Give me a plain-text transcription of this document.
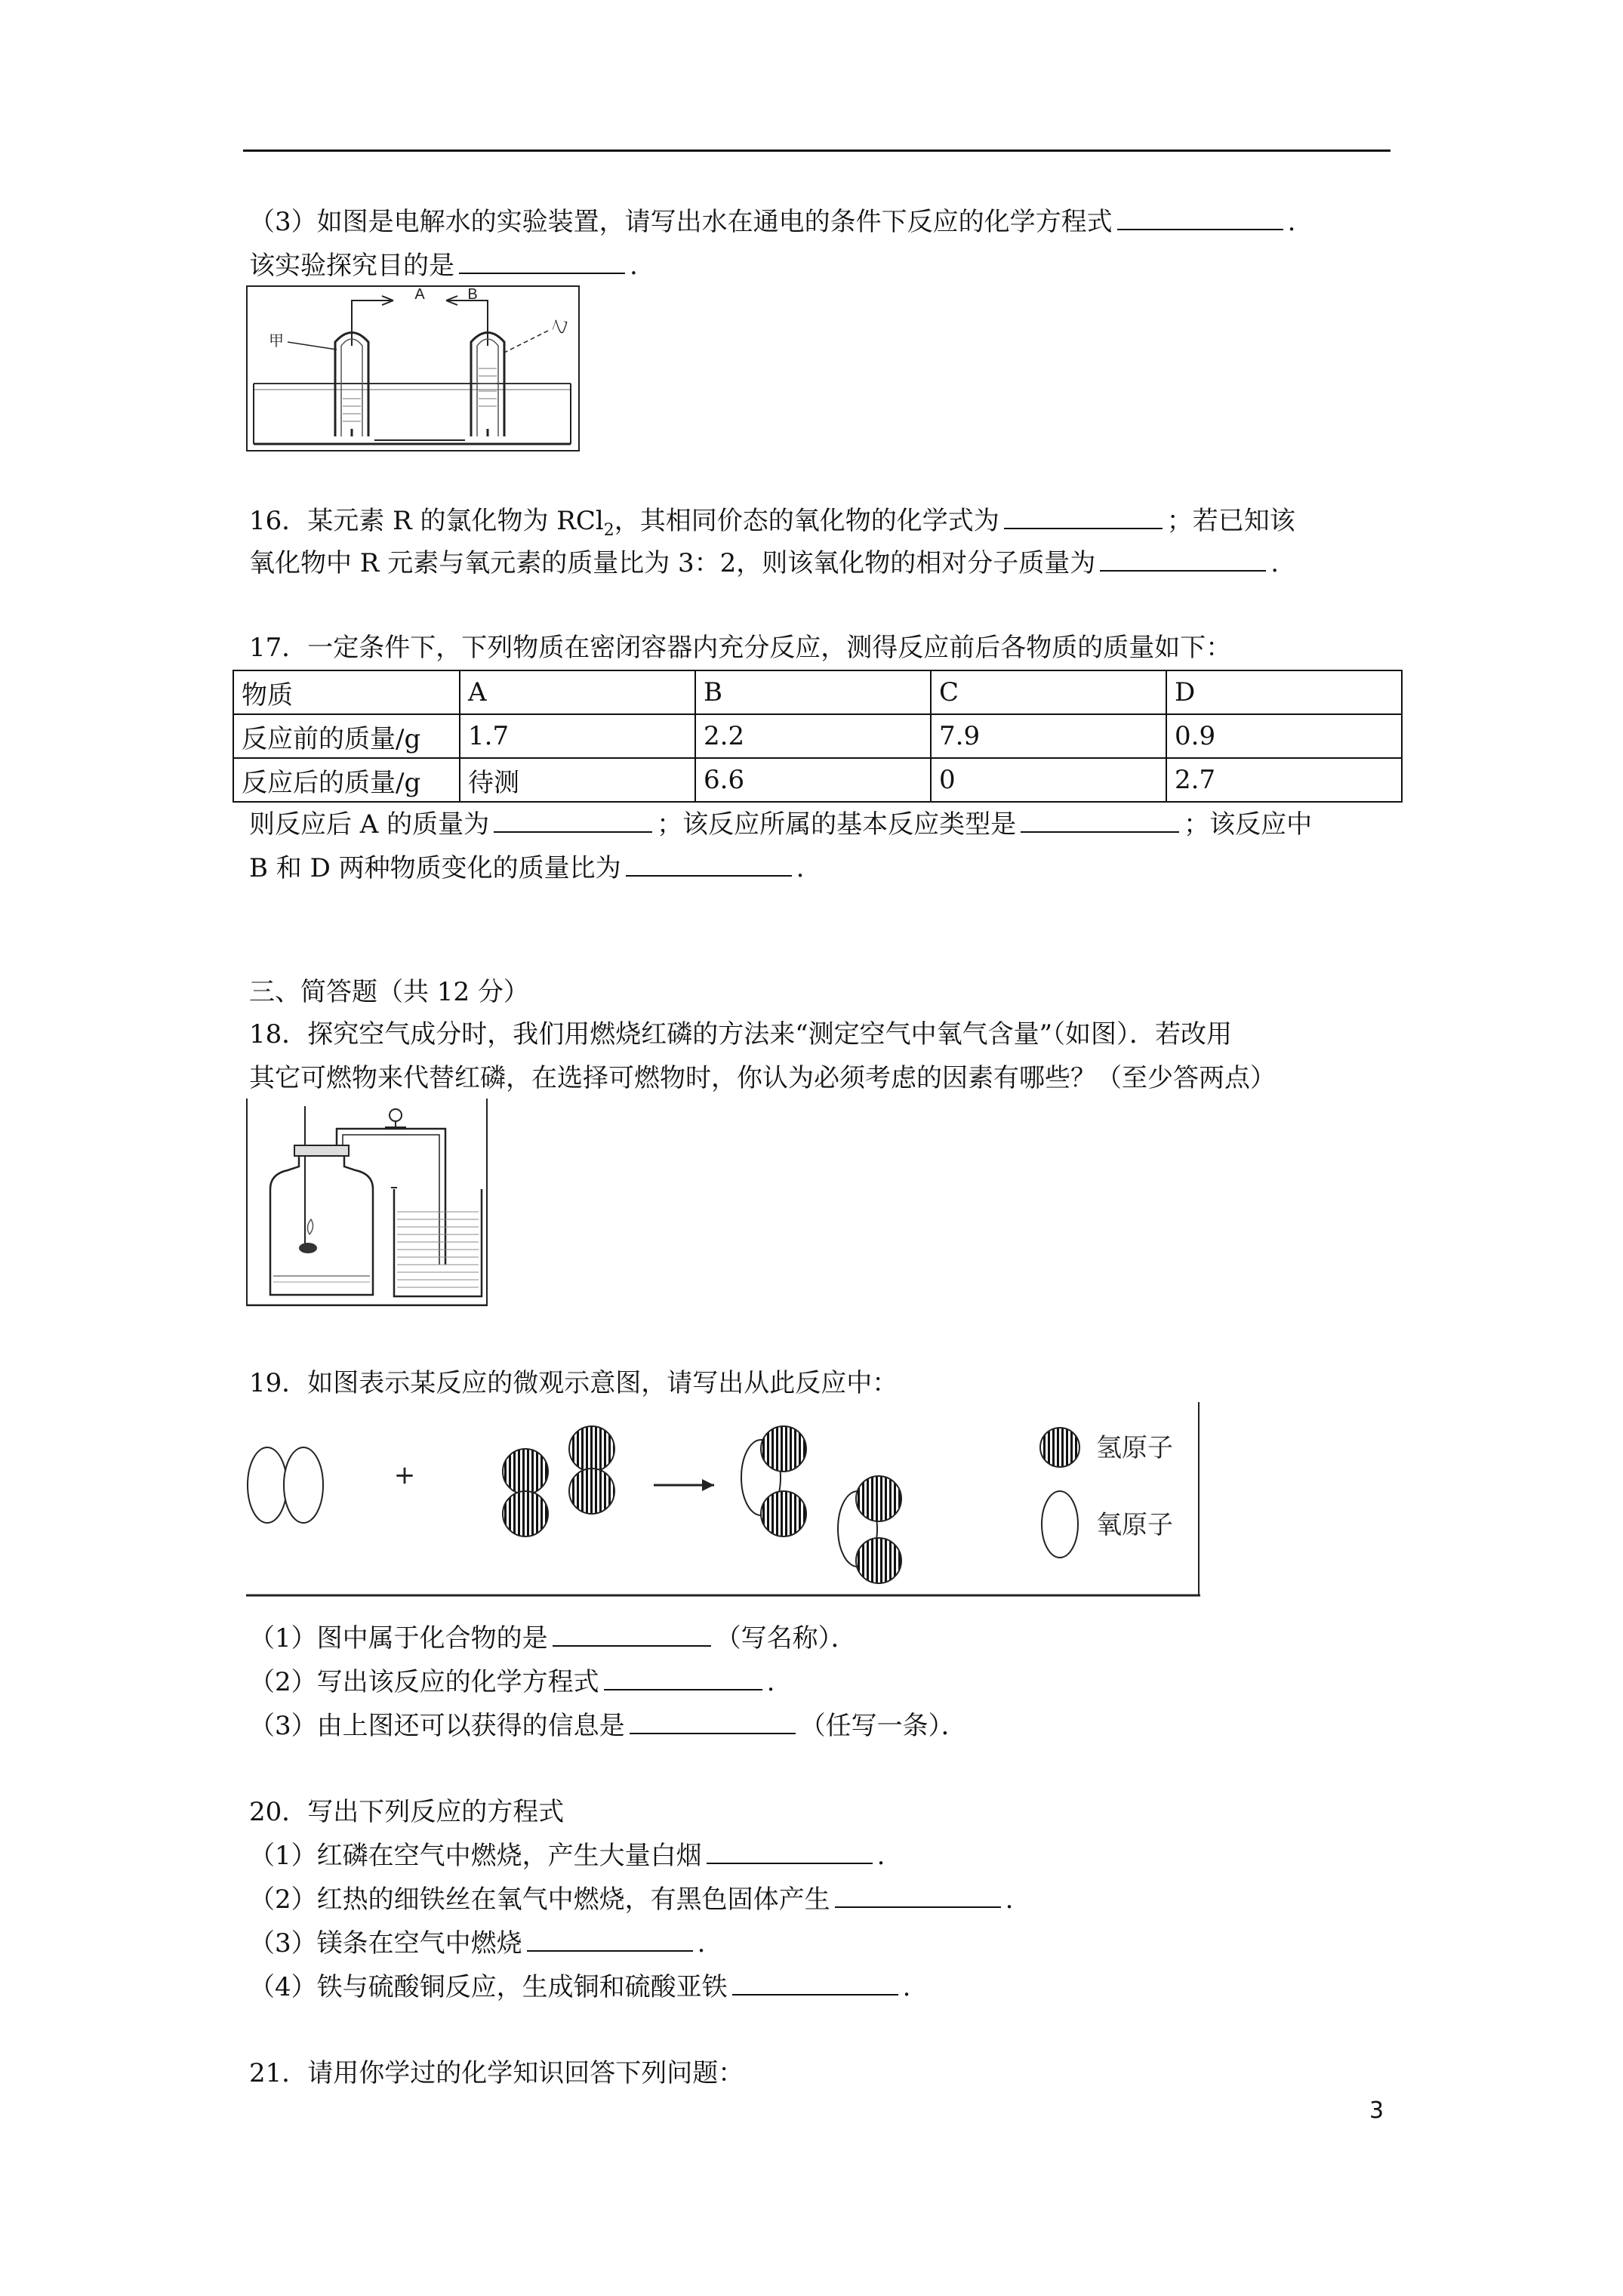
（3）如图是电解水的实验装置，请写出水在通电的条件下反应的化学方程式	.
该实验探究目的是	.
A	B
甲
乙
16．某元素 R 的氯化物为 RCl$_2$，其相同价态的氧化物的化学式为	；若已知该
氧化物中 R 元素与氧元素的质量比为 3：2，则该氧化物的相对分子质量为	.
17．一定条件下，下列物质在密闭容器内充分反应，测得反应前后各物质的质量如下：
物质	A	B	C	D
反应前的质量/g	1.7	2.2	7.9	0.9
反应后的质量/g	待测	6.6	0	2.7
则反应后 A 的质量为	；该反应所属的基本反应类型是	；该反应中
B 和 D 两种物质变化的质量比为	.
三、简答题（共 12 分）
18．探究空气成分时，我们用燃烧红磷的方法来“测定空气中氧气含量”（如图）．若改用
其它可燃物来代替红磷，在选择可燃物时，你认为必须考虑的因素有哪些？（至少答两点）
19．如图表示某反应的微观示意图，请写出从此反应中：
+
氢原子
氧原子
（1）图中属于化合物的是	（写名称）．
（2）写出该反应的化学方程式	.
（3）由上图还可以获得的信息是	（任写一条）．
20．写出下列反应的方程式
（1）红磷在空气中燃烧，产生大量白烟	.
（2）红热的细铁丝在氧气中燃烧，有黑色固体产生	.
（3）镁条在空气中燃烧	.
（4）铁与硫酸铜反应，生成铜和硫酸亚铁	.
21．请用你学过的化学知识回答下列问题：
3
